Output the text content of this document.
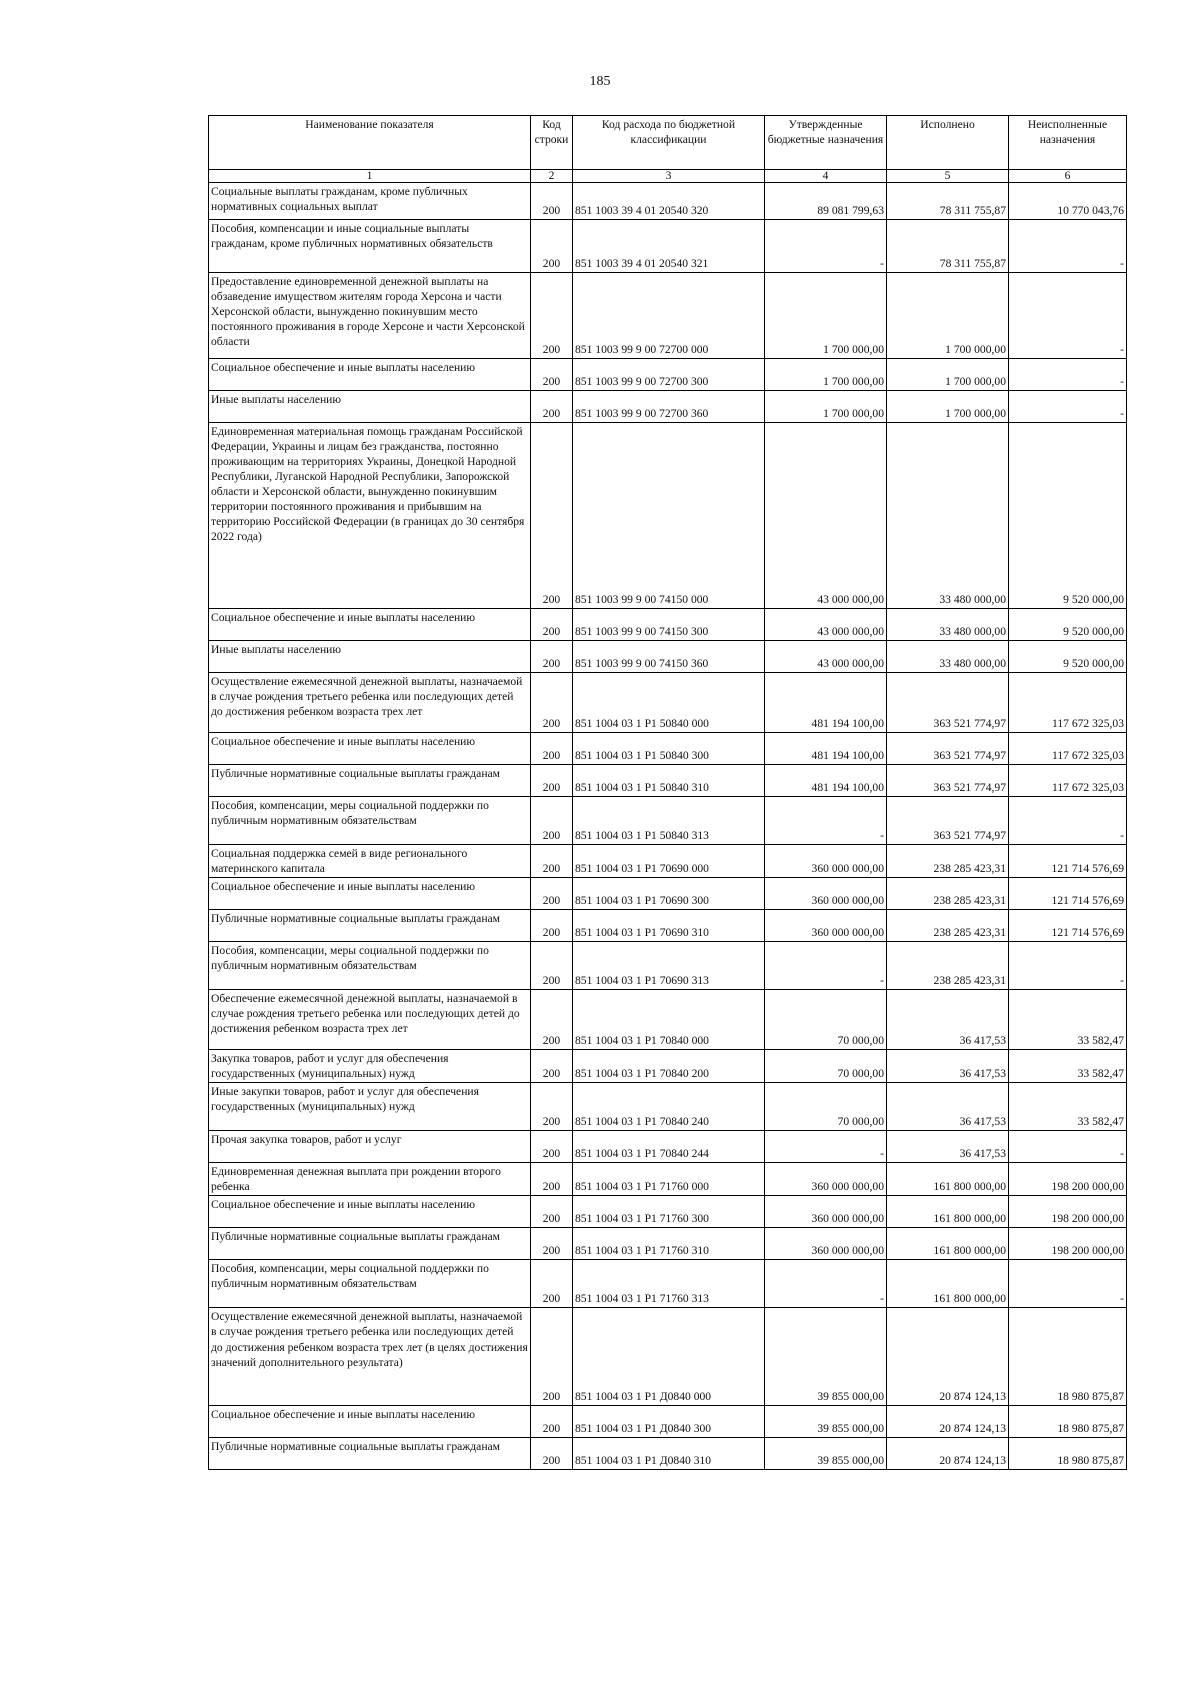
185
Наименование показателя	Код строки	Код расхода по бюджетной классификации	Утвержденные бюджетные назначения	Исполнено	Неисполненные назначения
1	2	3	4	5	6
Социальные выплаты гражданам, кроме публичных нормативных социальных выплат	200	851 1003 39 4 01 20540 320	89 081 799,63	78 311 755,87	10 770 043,76
Пособия, компенсации и иные социальные выплаты гражданам, кроме публичных нормативных обязательств	200	851 1003 39 4 01 20540 321	-	78 311 755,87	-
Предоставление единовременной денежной выплаты на обзаведение имуществом жителям города Херсона и части Херсонской области, вынужденно покинувшим место постоянного проживания в городе Херсоне и части Херсонской области	200	851 1003 99 9 00 72700 000	1 700 000,00	1 700 000,00	-
Социальное обеспечение и иные выплаты населению	200	851 1003 99 9 00 72700 300	1 700 000,00	1 700 000,00	-
Иные выплаты населению	200	851 1003 99 9 00 72700 360	1 700 000,00	1 700 000,00	-
Единовременная материальная помощь гражданам Российской Федерации, Украины и лицам без гражданства, постоянно проживающим на территориях Украины, Донецкой Народной Республики, Луганской Народной Республики, Запорожской области и Херсонской области, вынужденно покинувшим территории постоянного проживания и прибывшим на территорию Российской Федерации (в границах до 30 сентября 2022 года)	200	851 1003 99 9 00 74150 000	43 000 000,00	33 480 000,00	9 520 000,00
Социальное обеспечение и иные выплаты населению	200	851 1003 99 9 00 74150 300	43 000 000,00	33 480 000,00	9 520 000,00
Иные выплаты населению	200	851 1003 99 9 00 74150 360	43 000 000,00	33 480 000,00	9 520 000,00
Осуществление ежемесячной денежной выплаты, назначаемой в случае рождения третьего ребенка или последующих детей до достижения ребенком возраста трех лет	200	851 1004 03 1 P1 50840 000	481 194 100,00	363 521 774,97	117 672 325,03
Социальное обеспечение и иные выплаты населению	200	851 1004 03 1 P1 50840 300	481 194 100,00	363 521 774,97	117 672 325,03
Публичные нормативные социальные выплаты гражданам	200	851 1004 03 1 P1 50840 310	481 194 100,00	363 521 774,97	117 672 325,03
Пособия, компенсации, меры социальной поддержки по публичным нормативным обязательствам	200	851 1004 03 1 P1 50840 313	-	363 521 774,97	-
Социальная поддержка семей в виде регионального материнского капитала	200	851 1004 03 1 P1 70690 000	360 000 000,00	238 285 423,31	121 714 576,69
Социальное обеспечение и иные выплаты населению	200	851 1004 03 1 P1 70690 300	360 000 000,00	238 285 423,31	121 714 576,69
Публичные нормативные социальные выплаты гражданам	200	851 1004 03 1 P1 70690 310	360 000 000,00	238 285 423,31	121 714 576,69
Пособия, компенсации, меры социальной поддержки по публичным нормативным обязательствам	200	851 1004 03 1 P1 70690 313	-	238 285 423,31	-
Обеспечение ежемесячной денежной выплаты, назначаемой в случае рождения третьего ребенка или последующих детей до достижения ребенком возраста трех лет	200	851 1004 03 1 P1 70840 000	70 000,00	36 417,53	33 582,47
Закупка товаров, работ и услуг для обеспечения государственных (муниципальных) нужд	200	851 1004 03 1 P1 70840 200	70 000,00	36 417,53	33 582,47
Иные закупки товаров, работ и услуг для обеспечения государственных (муниципальных) нужд	200	851 1004 03 1 P1 70840 240	70 000,00	36 417,53	33 582,47
Прочая закупка товаров, работ и услуг	200	851 1004 03 1 P1 70840 244	-	36 417,53	-
Единовременная денежная выплата при рождении второго ребенка	200	851 1004 03 1 P1 71760 000	360 000 000,00	161 800 000,00	198 200 000,00
Социальное обеспечение и иные выплаты населению	200	851 1004 03 1 P1 71760 300	360 000 000,00	161 800 000,00	198 200 000,00
Публичные нормативные социальные выплаты гражданам	200	851 1004 03 1 P1 71760 310	360 000 000,00	161 800 000,00	198 200 000,00
Пособия, компенсации, меры социальной поддержки по публичным нормативным обязательствам	200	851 1004 03 1 P1 71760 313	-	161 800 000,00	-
Осуществление ежемесячной денежной выплаты, назначаемой в случае рождения третьего ребенка или последующих детей до достижения ребенком возраста трех лет (в целях достижения значений дополнительного результата)	200	851 1004 03 1 P1 Д0840 000	39 855 000,00	20 874 124,13	18 980 875,87
Социальное обеспечение и иные выплаты населению	200	851 1004 03 1 P1 Д0840 300	39 855 000,00	20 874 124,13	18 980 875,87
Публичные нормативные социальные выплаты гражданам	200	851 1004 03 1 P1 Д0840 310	39 855 000,00	20 874 124,13	18 980 875,87
